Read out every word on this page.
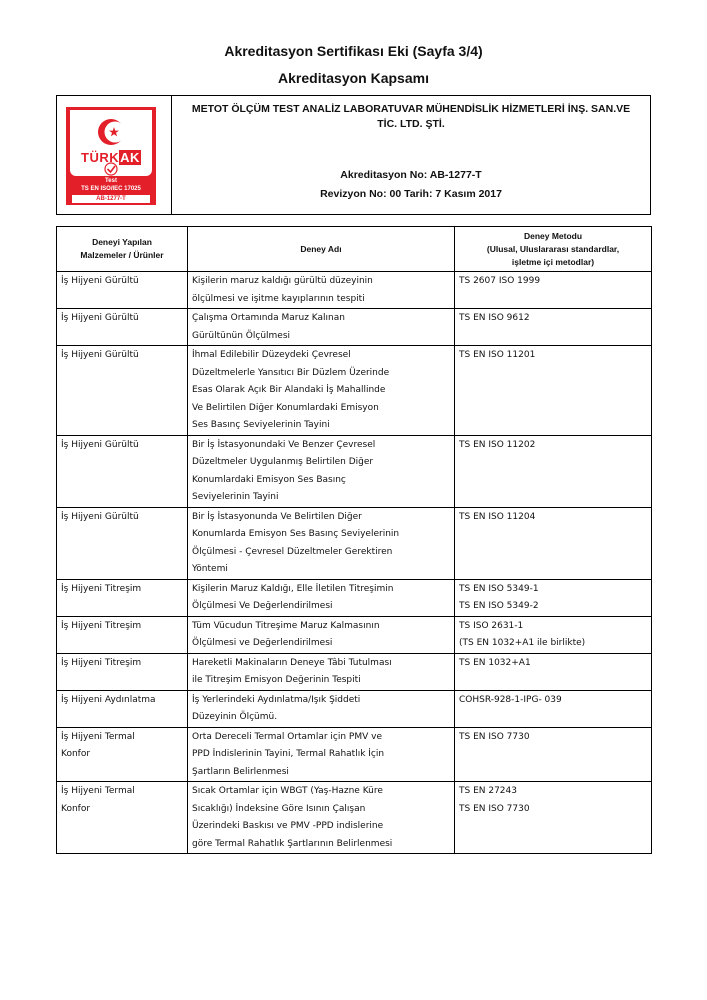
Akreditasyon Sertifikası Eki (Sayfa 3/4)
Akreditasyon Kapsamı
TÜRKAK
Test
TS EN ISO/IEC 17025
AB-1277-T
METOT ÖLÇÜM TEST ANALİZ LABORATUVAR MÜHENDİSLİK HİZMETLERİ İNŞ. SAN.VE
TİC. LTD. ŞTİ.
Akreditasyon No: AB-1277-T
Revizyon No: 00 Tarih: 7 Kasım 2017
Deneyi Yapılan
Malzemeler / Ürünler	Deney Adı	Deney Metodu
(Ulusal, Uluslararası standardlar,
işletme içi metodlar)

İş Hijyeni Gürültü	Kişilerin maruz kaldığı gürültü düzeyinin
ölçülmesi ve işitme kayıplarının tespiti	TS 2607 ISO 1999

İş Hijyeni Gürültü	Çalışma Ortamında Maruz Kalınan
Gürültünün Ölçülmesi	TS EN ISO 9612

İş Hijyeni Gürültü	İhmal Edilebilir Düzeydeki Çevresel
Düzeltmelerle Yansıtıcı Bir Düzlem Üzerinde
Esas Olarak Açık Bir Alandaki İş Mahallinde
Ve Belirtilen Diğer Konumlardaki Emisyon
Ses Basınç Seviyelerinin Tayini	TS EN ISO 11201

İş Hijyeni Gürültü	Bir İş İstasyonundaki Ve Benzer Çevresel
Düzeltmeler Uygulanmış Belirtilen Diğer
Konumlardaki Emisyon Ses Basınç
Seviyelerinin Tayini	TS EN ISO 11202

İş Hijyeni Gürültü	Bir İş İstasyonunda Ve Belirtilen Diğer
Konumlarda Emisyon Ses Basınç Seviyelerinin
Ölçülmesi - Çevresel Düzeltmeler Gerektiren
Yöntemi	TS EN ISO 11204

İş Hijyeni Titreşim	Kişilerin Maruz Kaldığı, Elle İletilen Titreşimin
Ölçülmesi Ve Değerlendirilmesi	TS EN ISO 5349-1
TS EN ISO 5349-2

İş Hijyeni Titreşim	Tüm Vücudun Titreşime Maruz Kalmasının
Ölçülmesi ve Değerlendirilmesi	TS ISO 2631-1
(TS EN 1032+A1 ile birlikte)

İş Hijyeni Titreşim	Hareketli Makinaların Deneye Tâbi Tutulması
ile Titreşim Emisyon Değerinin Tespiti	TS EN 1032+A1

İş Hijyeni Aydınlatma	İş Yerlerindeki Aydınlatma/Işık Şiddeti
Düzeyinin Ölçümü.	COHSR-928-1-IPG- 039

İş Hijyeni Termal
Konfor	Orta Dereceli Termal Ortamlar için PMV ve
PPD İndislerinin Tayini, Termal Rahatlık İçin
Şartların Belirlenmesi	TS EN ISO 7730

İş Hijyeni Termal
Konfor	Sıcak Ortamlar için WBGT (Yaş-Hazne Küre
Sıcaklığı) İndeksine Göre Isının Çalışan
Üzerindeki Baskısı ve PMV -PPD indislerine
göre Termal Rahatlık Şartlarının Belirlenmesi	TS EN 27243
TS EN ISO 7730
